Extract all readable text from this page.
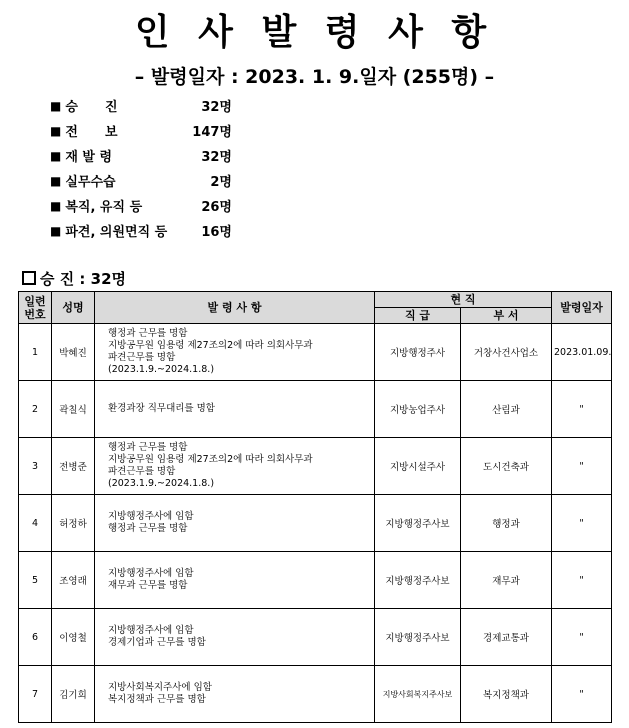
인 사 발 령 사 항
– 발령일자 : 2023. 1. 9.일자 (255명) –
■ 승      진	32명
■ 전      보	147명
■ 재 발 령	32명
■ 실무수습	2명
■ 복직, 유직 등	26명
■ 파견, 의원면직 등	16명
승 진 : 32명
일련번호	성명	발 령 사 항	현 직		발령일자
			직 급	부 서	
1	박혜진	행정과 근무를 명함
지방공무원 임용령 제27조의2에 따라 의회사무과
파견근무를 명함
(2023.1.9.~2024.1.8.)	지방행정주사	거창사건사업소	2023.01.09.
2	곽칠식	환경과장 직무대리를 명함	지방농업주사	산림과	"
3	전병준	행정과 근무를 명함
지방공무원 임용령 제27조의2에 따라 의회사무과
파견근무를 명함
(2023.1.9.~2024.1.8.)	지방시설주사	도시건축과	"
4	허정하	지방행정주사에 임함
행정과 근무를 명함	지방행정주사보	행정과	"
5	조영래	지방행정주사에 임함
재무과 근무를 명함	지방행정주사보	재무과	"
6	이영철	지방행정주사에 임함
경제기업과 근무를 명함	지방행정주사보	경제교통과	"
7	김기희	지방사회복지주사에 임함
복지정책과 근무를 명함	지방사회복지주사보	복지정책과	"
